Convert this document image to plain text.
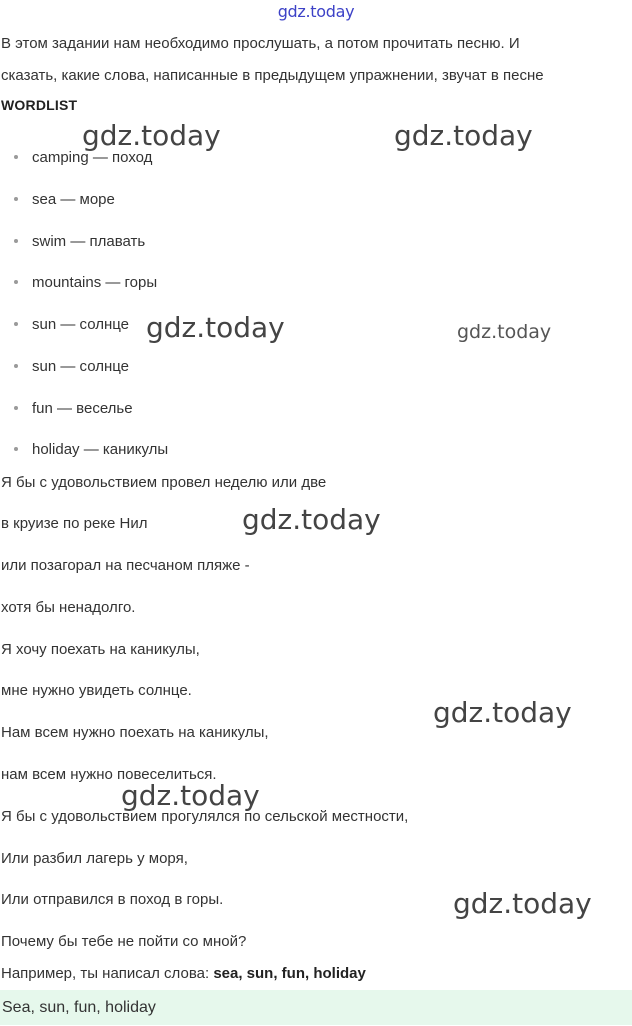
gdz.today
В этом задании нам необходимо прослушать, а потом прочитать песню. И
сказать, какие слова, написанные в предыдущем упражнении, звучат в песне
WORDLIST
camping — поход
sea — море
swim — плавать
mountains — горы
sun — солнце
sun — солнце
fun — веселье
holiday — каникулы
Я бы с удовольствием провел неделю или две
в круизе по реке Нил
или позагорал на песчаном пляже -
хотя бы ненадолго.
Я хочу поехать на каникулы,
мне нужно увидеть солнце.
Нам всем нужно поехать на каникулы,
нам всем нужно повеселиться.
Я бы с удовольствием прогулялся по сельской местности,
Или разбил лагерь у моря,
Или отправился в поход в горы.
Почему бы тебе не пойти со мной?
Например, ты написал слова: sea, sun, fun, holiday
Sea, sun, fun, holiday
gdz.today	gdz.today
gdz.today	gdz.today
gdz.today
gdz.today
gdz.today
gdz.today
